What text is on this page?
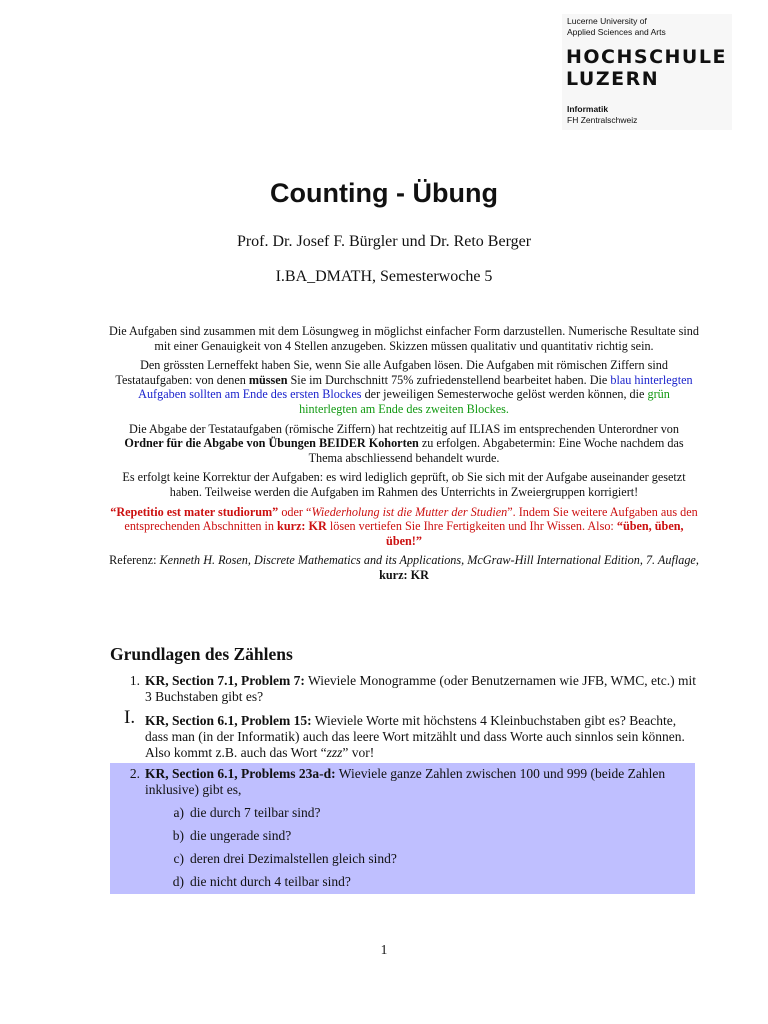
Lucerne University of
Applied Sciences and Arts
HOCHSCHULE
LUZERN
Informatik
FH Zentralschweiz
Counting - Übung
Prof. Dr. Josef F. Bürgler und Dr. Reto Berger
I.BA_DMATH, Semesterwoche 5

Die Aufgaben sind zusammen mit dem Lösungweg in möglichst einfacher Form darzustellen. Numerische Resultate sind mit einer Genauigkeit von 4 Stellen anzugeben. Skizzen müssen qualitativ und quantitativ richtig sein.

Den grössten Lerneffekt haben Sie, wenn Sie alle Aufgaben lösen. Die Aufgaben mit römischen Ziffern sind Testataufgaben: von denen müssen Sie im Durchschnitt 75% zufriedenstellend bearbeitet haben. Die blau hinterlegten Aufgaben sollten am Ende des ersten Blockes der jeweiligen Semesterwoche gelöst werden können, die grün hinterlegten am Ende des zweiten Blockes.

Die Abgabe der Testataufgaben (römische Ziffern) hat rechtzeitig auf ILIAS im entsprechenden Unterordner von Ordner für die Abgabe von Übungen BEIDER Kohorten zu erfolgen. Abgabetermin: Eine Woche nachdem das Thema abschliessend behandelt wurde.

Es erfolgt keine Korrektur der Aufgaben: es wird lediglich geprüft, ob Sie sich mit der Aufgabe auseinander gesetzt haben. Teilweise werden die Aufgaben im Rahmen des Unterrichts in Zweiergruppen korrigiert!

“Repetitio est mater studiorum” oder “Wiederholung ist die Mutter der Studien”. Indem Sie weitere Aufgaben aus den entsprechenden Abschnitten in kurz: KR lösen vertiefen Sie Ihre Fertigkeiten und Ihr Wissen. Also: “üben, üben, üben!”

Referenz: Kenneth H. Rosen, Discrete Mathematics and its Applications, McGraw-Hill International Edition, 7. Auflage, kurz: KR

Grundlagen des Zählens
1. KR, Section 7.1, Problem 7: Wieviele Monogramme (oder Benutzernamen wie JFB, WMC, etc.) mit 3 Buchstaben gibt es?
I. KR, Section 6.1, Problem 15: Wieviele Worte mit höchstens 4 Kleinbuchstaben gibt es? Beachte, dass man (in der Informatik) auch das leere Wort mitzählt und dass Worte auch sinnlos sein können. Also kommt z.B. auch das Wort “zzz” vor!
2. KR, Section 6.1, Problems 23a-d: Wieviele ganze Zahlen zwischen 100 und 999 (beide Zahlen inklusive) gibt es,
a) die durch 7 teilbar sind?
b) die ungerade sind?
c) deren drei Dezimalstellen gleich sind?
d) die nicht durch 4 teilbar sind?
1
